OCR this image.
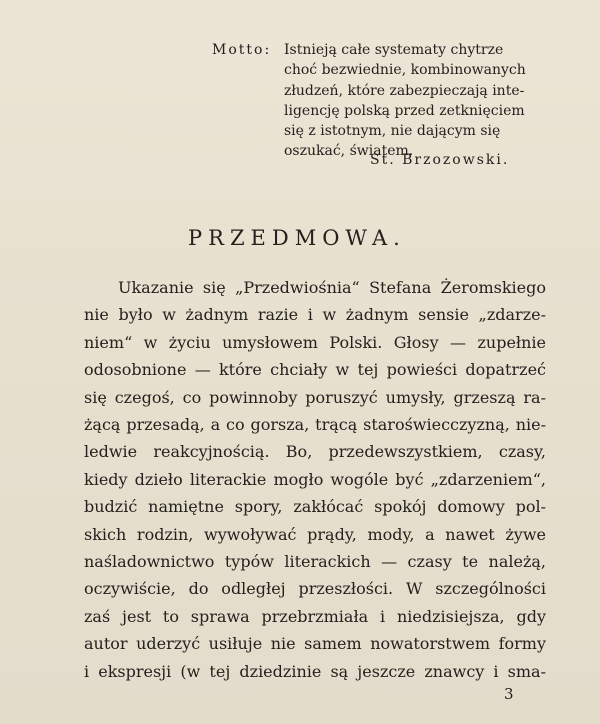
Motto: Istnieją całe systematy chytrze
choć bezwiednie, kombinowanych
złudzeń, które zabezpieczają inte-
ligencję polską przed zetknięciem
się z istotnym, nie dającym się
oszukać, światem.
St. Brzozowski.
PRZEDMOWA.
Ukazanie się „Przedwiośnia“ Stefana Żeromskiego
nie było w żadnym razie i w żadnym sensie „zdarze-
niem“ w życiu umysłowem Polski. Głosy — zupełnie
odosobnione — które chciały w tej powieści dopatrzeć
się czegoś, co powinnoby poruszyć umysły, grzeszą ra-
żącą przesadą, a co gorsza, trącą staroświecczyzną, nie-
ledwie reakcyjnością. Bo, przedewszystkiem, czasy,
kiedy dzieło literackie mogło wogóle być „zdarzeniem“,
budzić namiętne spory, zakłócać spokój domowy pol-
skich rodzin, wywoływać prądy, mody, a nawet żywe
naśladownictwo typów literackich — czasy te należą,
oczywiście, do odległej przeszłości. W szczególności
zaś jest to sprawa przebrzmiała i niedzisiejsza, gdy
autor uderzyć usiłuje nie samem nowatorstwem formy
i ekspresji (w tej dziedzinie są jeszcze znawcy i sma-
3
